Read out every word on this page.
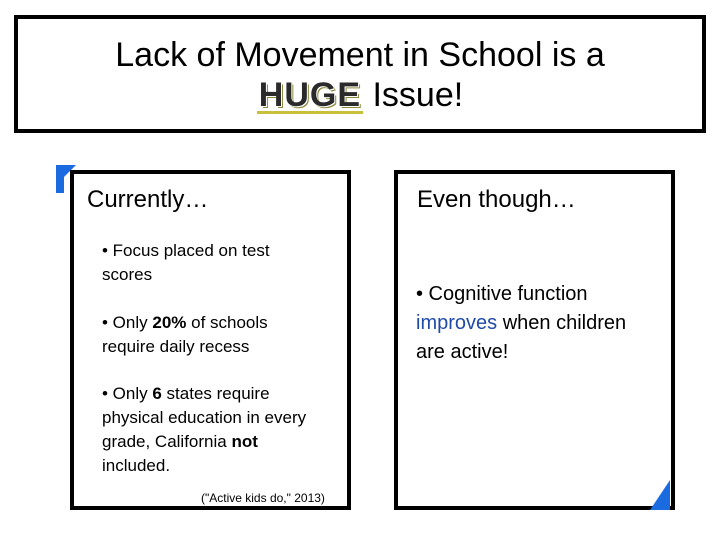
Lack of Movement in School is a
HUGE Issue!
Currently…	Even though…
• Focus placed on test scores
• Only 20% of schools require daily recess
• Only 6 states require physical education in every grade, California not included.
("Active kids do," 2013)
• Cognitive function improves when children are active!
